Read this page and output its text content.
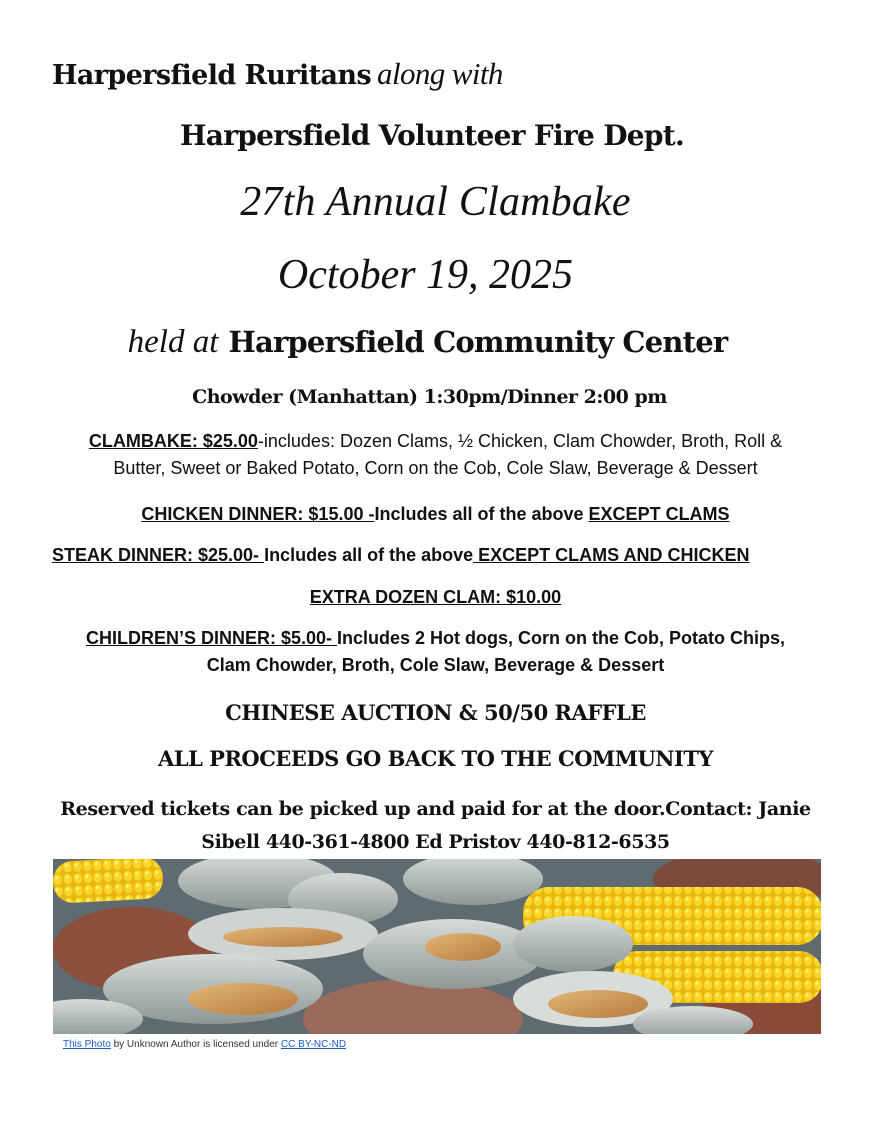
Harpersfield Ruritans along with
Harpersfield Volunteer Fire Dept.
27th Annual Clambake
October 19, 2025
held at Harpersfield Community Center
Chowder (Manhattan) 1:30pm/Dinner 2:00 pm
CLAMBAKE: $25.00-includes: Dozen Clams, ½ Chicken, Clam Chowder, Broth, Roll &
Butter, Sweet or Baked Potato, Corn on the Cob, Cole Slaw, Beverage & Dessert
CHICKEN DINNER: $15.00 -Includes all of the above EXCEPT CLAMS
STEAK DINNER: $25.00- Includes all of the above EXCEPT CLAMS AND CHICKEN
EXTRA DOZEN CLAM: $10.00
CHILDREN’S DINNER: $5.00- Includes 2 Hot dogs, Corn on the Cob, Potato Chips,
Clam Chowder, Broth, Cole Slaw, Beverage & Dessert
CHINESE AUCTION & 50/50 RAFFLE
ALL PROCEEDS GO BACK TO THE COMMUNITY
Reserved tickets can be picked up and paid for at the door.Contact: Janie
Sibell 440-361-4800 Ed Pristov 440-812-6535
This Photo by Unknown Author is licensed under CC BY-NC-ND
